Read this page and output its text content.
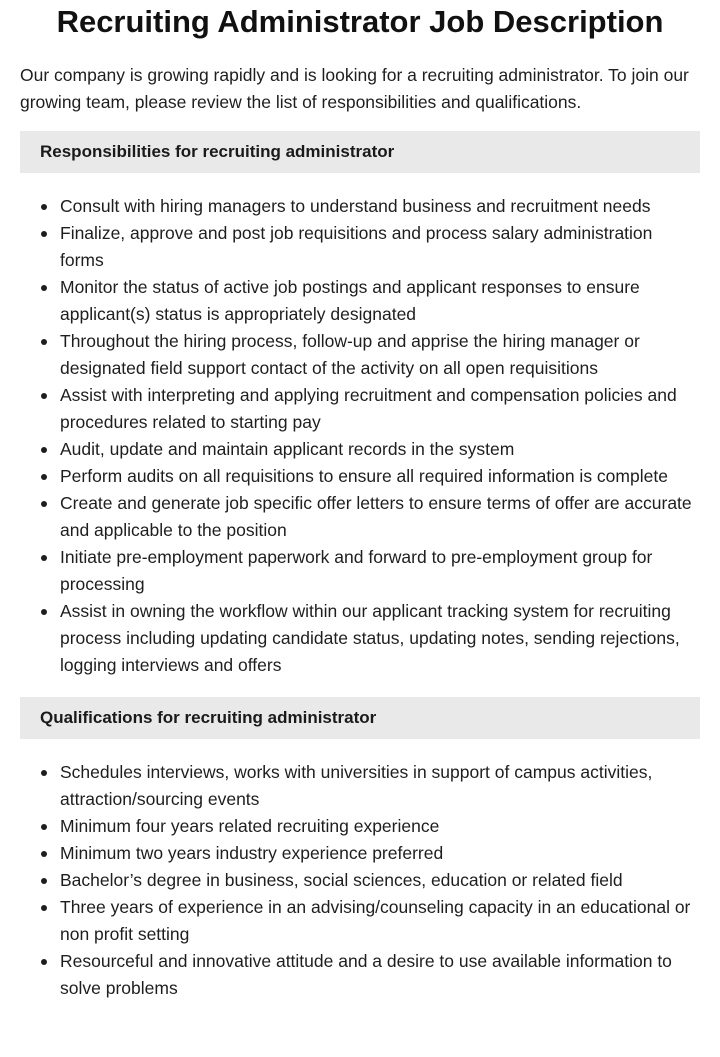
Recruiting Administrator Job Description

Our company is growing rapidly and is looking for a recruiting administrator. To join our growing team, please review the list of responsibilities and qualifications.

Responsibilities for recruiting administrator
Consult with hiring managers to understand business and recruitment needs
Finalize, approve and post job requisitions and process salary administration forms
Monitor the status of active job postings and applicant responses to ensure applicant(s) status is appropriately designated
Throughout the hiring process, follow-up and apprise the hiring manager or designated field support contact of the activity on all open requisitions
Assist with interpreting and applying recruitment and compensation policies and procedures related to starting pay
Audit, update and maintain applicant records in the system
Perform audits on all requisitions to ensure all required information is complete
Create and generate job specific offer letters to ensure terms of offer are accurate and applicable to the position
Initiate pre-employment paperwork and forward to pre-employment group for processing
Assist in owning the workflow within our applicant tracking system for recruiting process including updating candidate status, updating notes, sending rejections, logging interviews and offers
Qualifications for recruiting administrator
Schedules interviews, works with universities in support of campus activities, attraction/sourcing events
Minimum four years related recruiting experience
Minimum two years industry experience preferred
Bachelor’s degree in business, social sciences, education or related field
Three years of experience in an advising/counseling capacity in an educational or non profit setting
Resourceful and innovative attitude and a desire to use available information to solve problems
